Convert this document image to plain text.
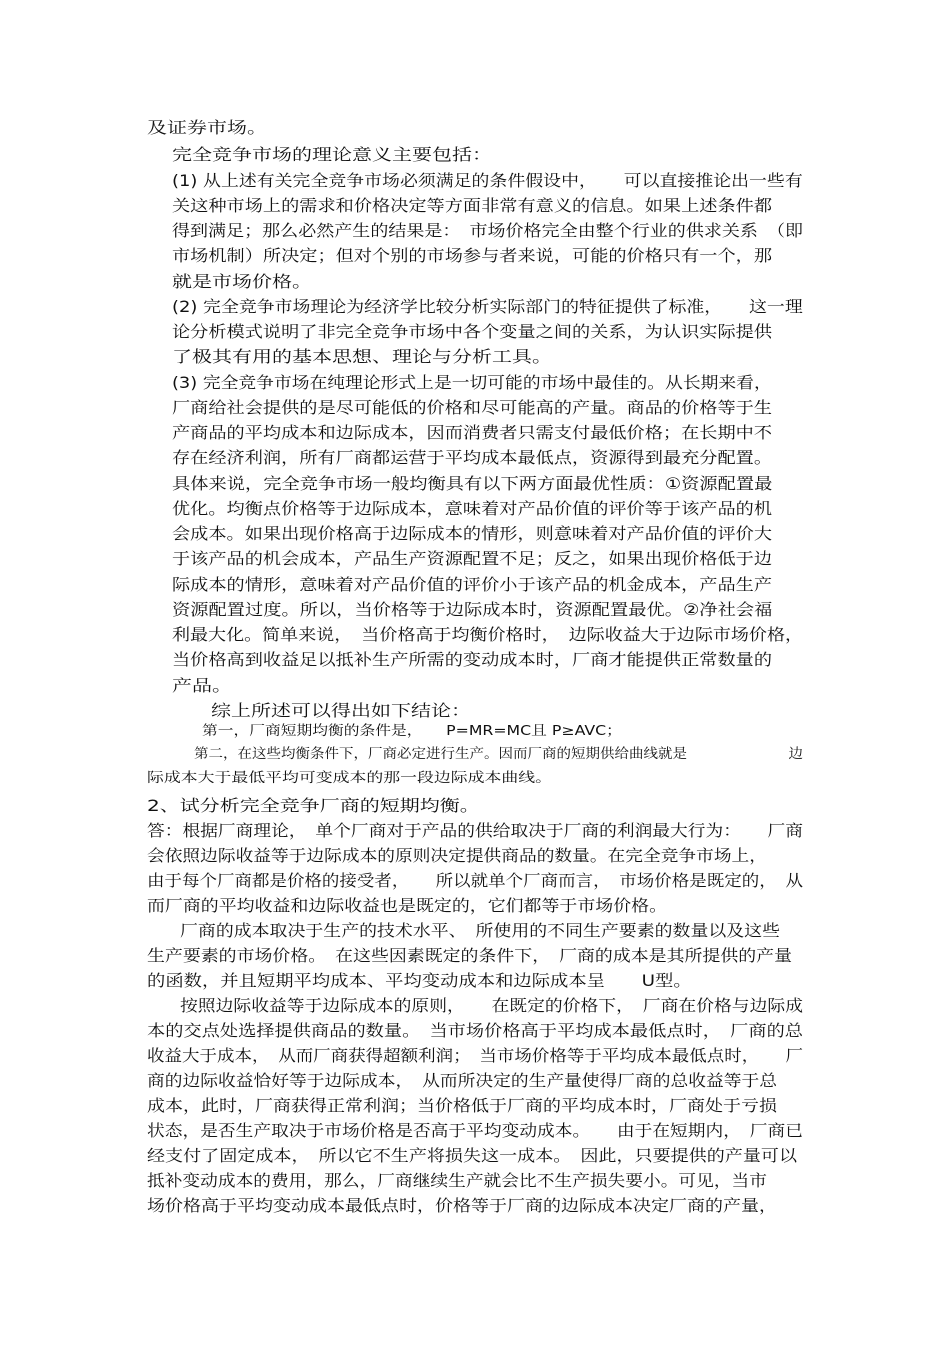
及证券市场。
完全竞争市场的理论意义主要包括：
(1) 从上述有关完全竞争市场必须满足的条件假设中，　　可以直接推论出一些有
关这种市场上的需求和价格决定等方面非常有意义的信息。如果上述条件都
得到满足；那么必然产生的结果是：　市场价格完全由整个行业的供求关系　（即
市场机制）所决定；但对个别的市场参与者来说，可能的价格只有一个，那
就是市场价格。
(2) 完全竞争市场理论为经济学比较分析实际部门的特征提供了标准，　　这一理
论分析模式说明了非完全竞争市场中各个变量之间的关系，为认识实际提供
了极其有用的基本思想、理论与分析工具。
(3) 完全竞争市场在纯理论形式上是一切可能的市场中最佳的。从长期来看，
厂商给社会提供的是尽可能低的价格和尽可能高的产量。商品的价格等于生
产商品的平均成本和边际成本，因而消费者只需支付最低价格；在长期中不
存在经济利润，所有厂商都运营于平均成本最低点，资源得到最充分配置。
具体来说，完全竞争市场一般均衡具有以下两方面最优性质：①资源配置最
优化。均衡点价格等于边际成本，意味着对产品价值的评价等于该产品的机
会成本。如果出现价格高于边际成本的情形，则意味着对产品价值的评价大
于该产品的机会成本，产品生产资源配置不足；反之，如果出现价格低于边
际成本的情形，意味着对产品价值的评价小于该产品的机金成本，产品生产
资源配置过度。所以，当价格等于边际成本时，资源配置最优。②净社会福
利最大化。简单来说，　当价格高于均衡价格时，　边际收益大于边际市场价格，
当价格高到收益足以抵补生产所需的变动成本时，厂商才能提供正常数量的
产品。
综上所述可以得出如下结论：
第一，厂商短期均衡的条件是，　　P=MR=MC且 P≥AVC；
第二，在这些均衡条件下，厂商必定进行生产。因而厂商的短期供给曲线就是　　　　　　　边
际成本大于最低平均可变成本的那一段边际成本曲线。
2、试分析完全竞争厂商的短期均衡。
答：根据厂商理论，　单个厂商对于产品的供给取决于厂商的利润最大行为：　　厂商
会依照边际收益等于边际成本的原则决定提供商品的数量。在完全竞争市场上，
由于每个厂商都是价格的接受者，　　所以就单个厂商而言，　市场价格是既定的，　从
而厂商的平均收益和边际收益也是既定的，它们都等于市场价格。
厂商的成本取决于生产的技术水平、　所使用的不同生产要素的数量以及这些
生产要素的市场价格。　在这些因素既定的条件下，　厂商的成本是其所提供的产量
的函数，并且短期平均成本、平均变动成本和边际成本呈　　U型。
按照边际收益等于边际成本的原则，　　在既定的价格下，　厂商在价格与边际成
本的交点处选择提供商品的数量。　当市场价格高于平均成本最低点时，　厂商的总
收益大于成本，　从而厂商获得超额利润；　当市场价格等于平均成本最低点时，　　厂
商的边际收益恰好等于边际成本，　从而所决定的生产量使得厂商的总收益等于总
成本，此时，厂商获得正常利润；当价格低于厂商的平均成本时，厂商处于亏损
状态，是否生产取决于市场价格是否高于平均变动成本。　　由于在短期内，　厂商已
经支付了固定成本，　所以它不生产将损失这一成本。　因此，只要提供的产量可以
抵补变动成本的费用，那么，厂商继续生产就会比不生产损失要小。可见，当市
场价格高于平均变动成本最低点时，价格等于厂商的边际成本决定厂商的产量，
